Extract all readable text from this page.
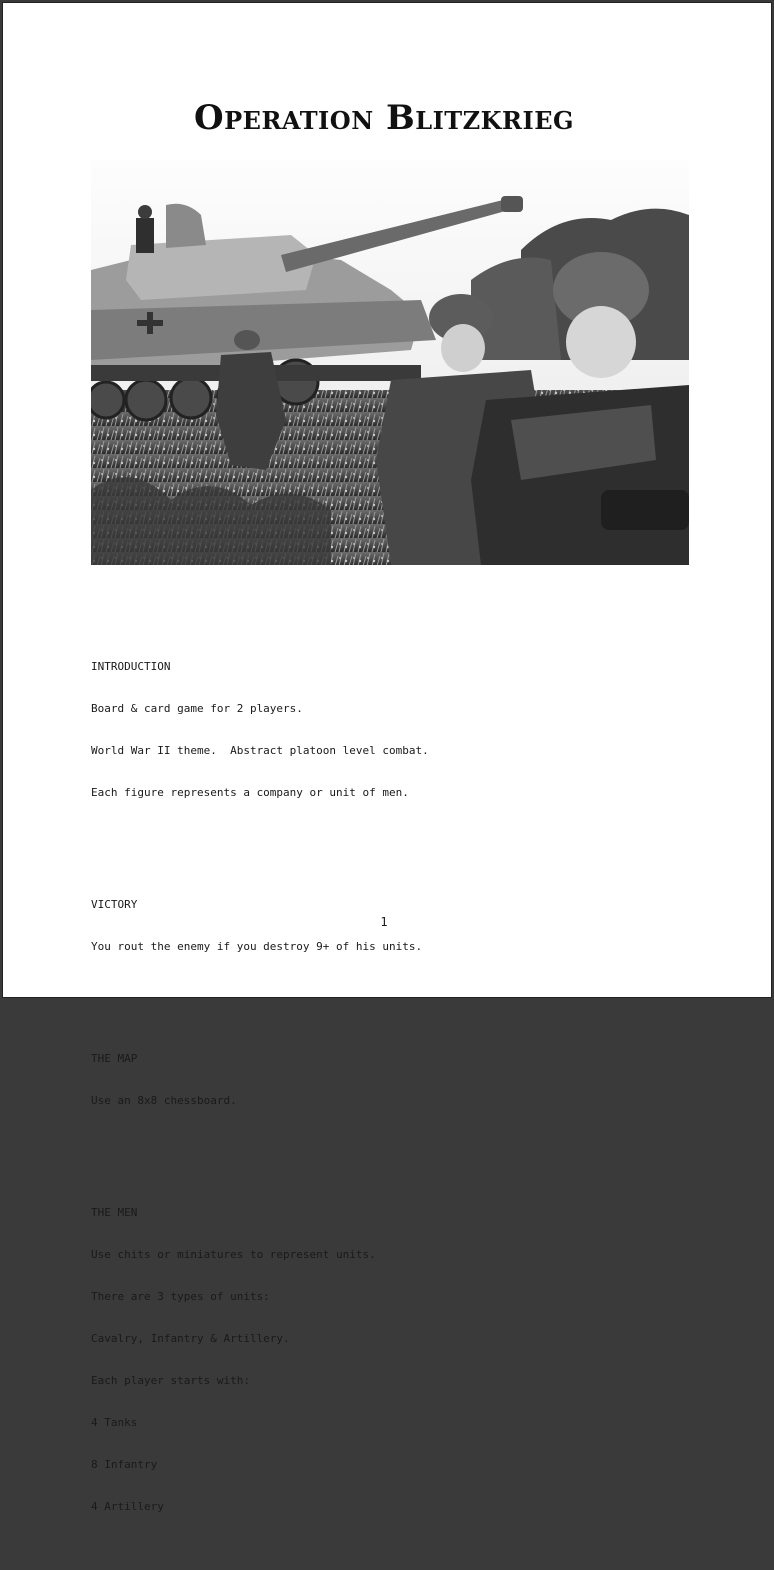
Operation Blitzkrieg

INTRODUCTION

Board & card game for 2 players.

World War II theme.  Abstract platoon level combat.

Each figure represents a company or unit of men.

VICTORY

You rout the enemy if you destroy 9+ of his units.

THE MAP

Use an 8x8 chessboard.

THE MEN

Use chits or miniatures to represent units.

There are 3 types of units:

Cavalry, Infantry & Artillery.

Each player starts with:

4 Tanks

8 Infantry

4 Artillery

1
